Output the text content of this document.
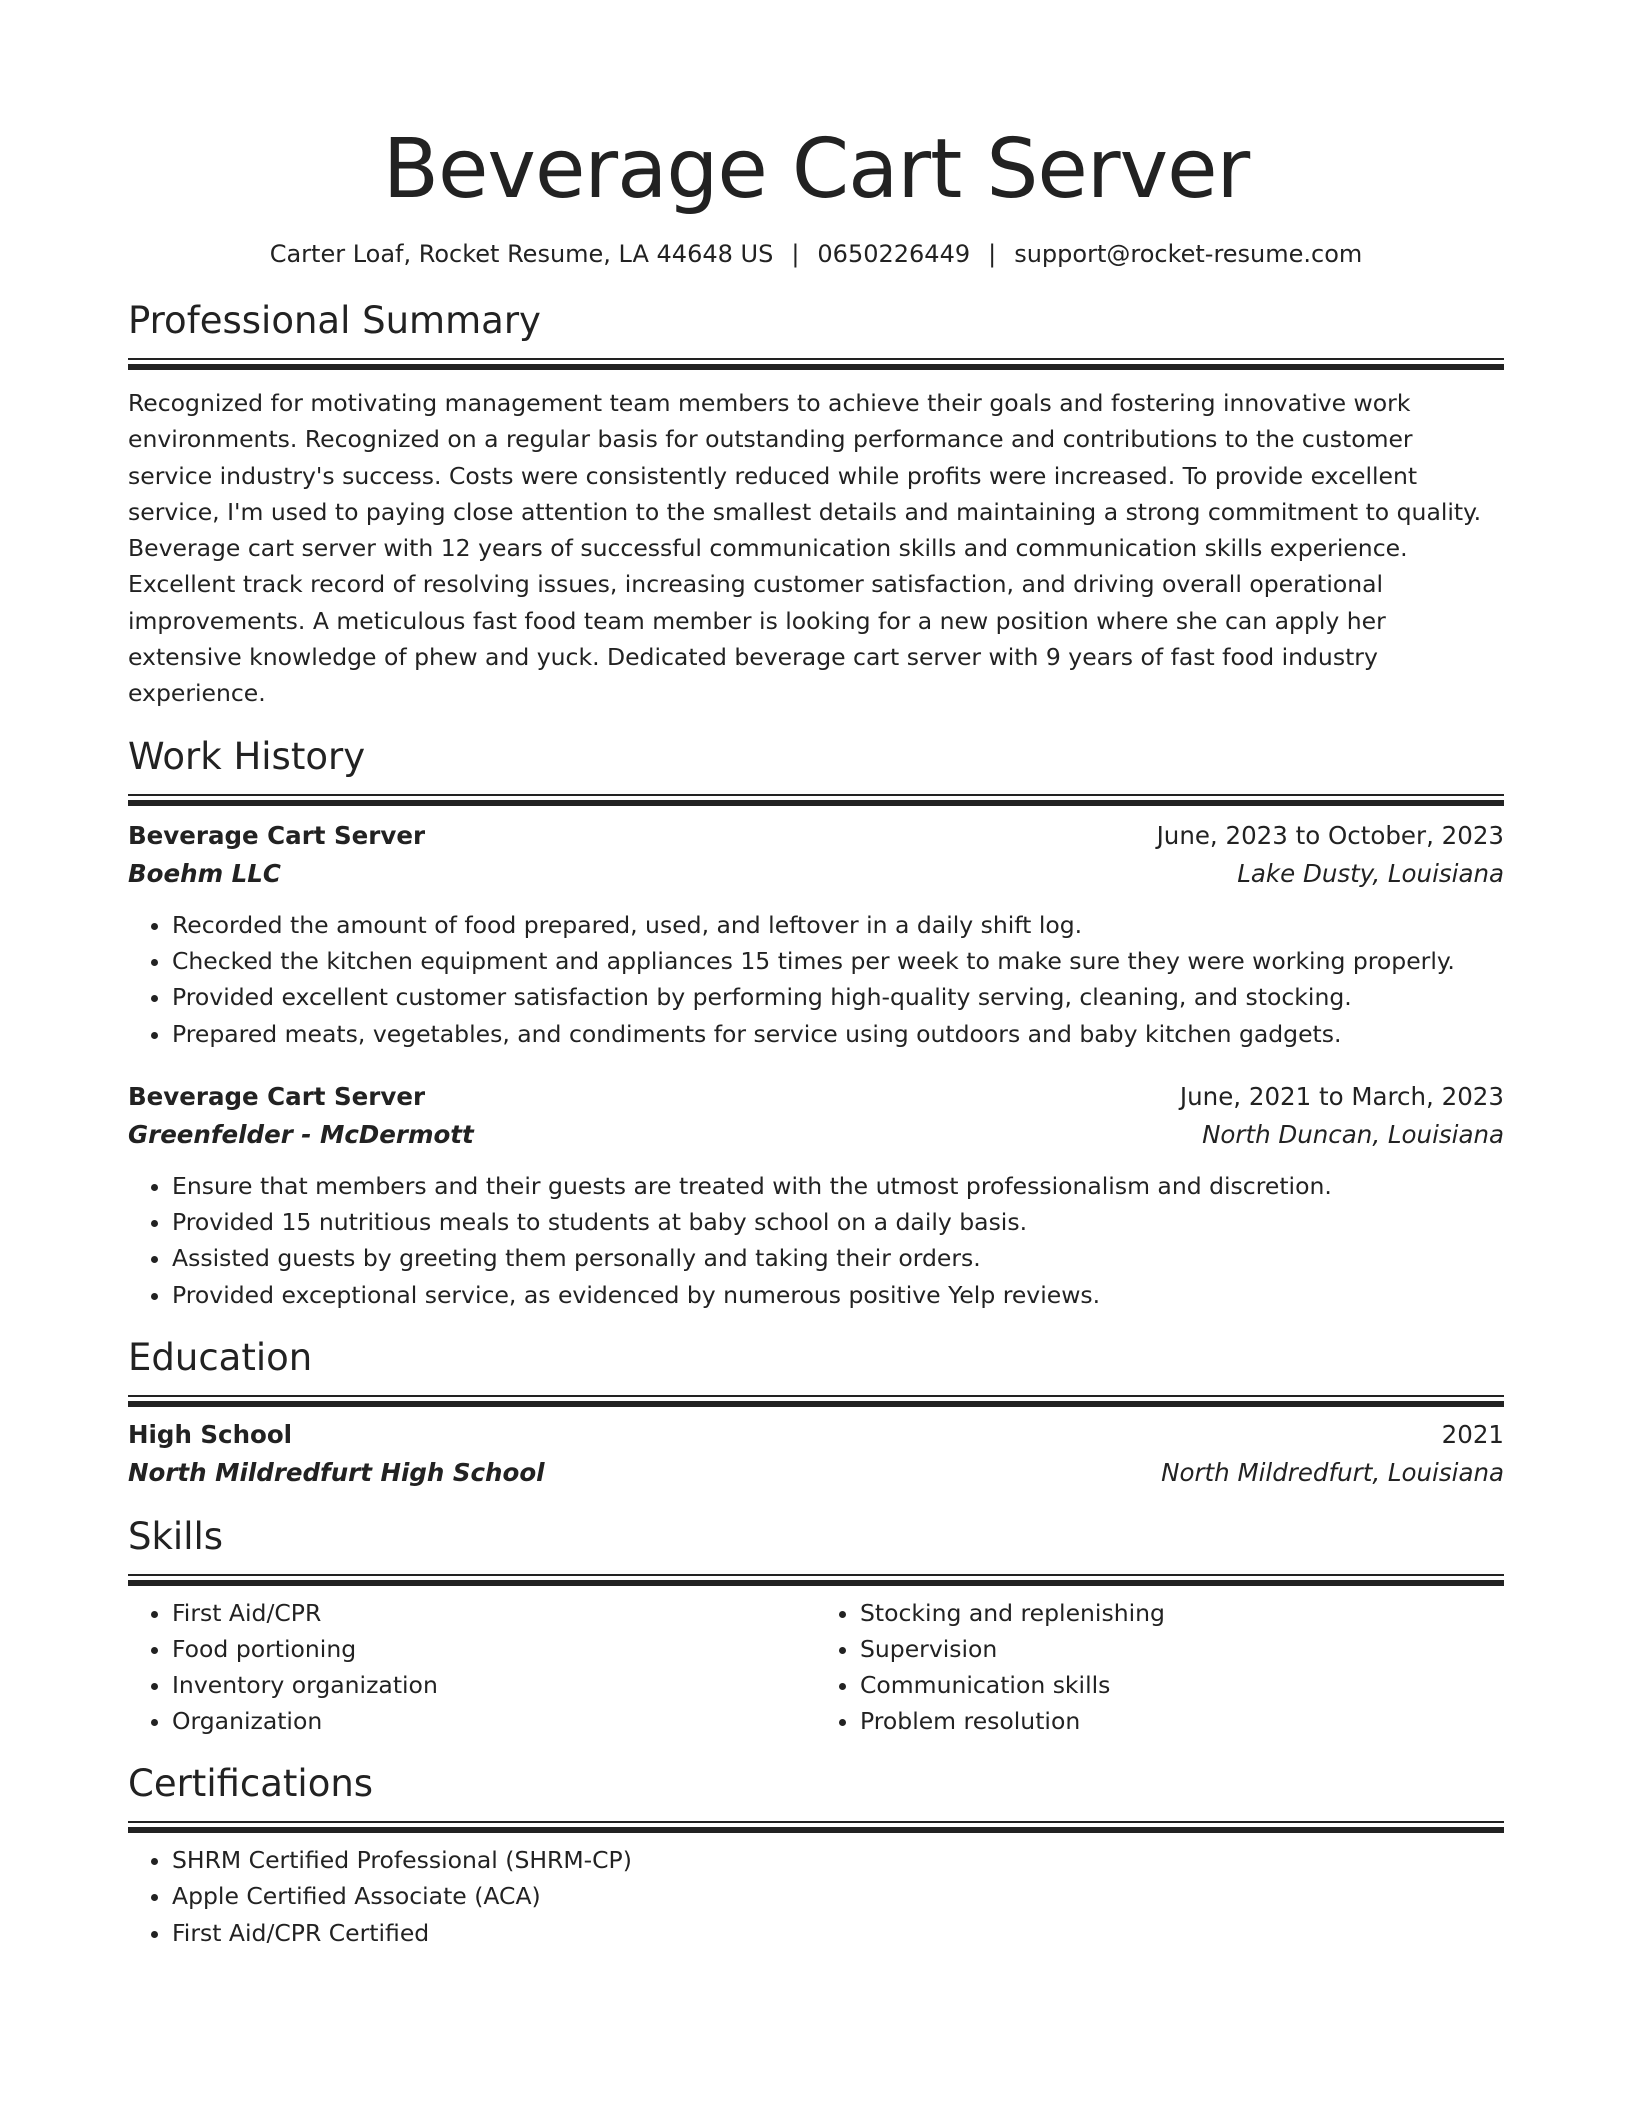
Beverage Cart Server
Carter Loaf, Rocket Resume, LA 44648 US | 0650226449 | support@rocket-resume.com
Professional Summary

Recognized for motivating management team members to achieve their goals and fostering innovative work environments. Recognized on a regular basis for outstanding performance and contributions to the customer service industry's success. Costs were consistently reduced while profits were increased. To provide excellent service, I'm used to paying close attention to the smallest details and maintaining a strong commitment to quality. Beverage cart server with 12 years of successful communication skills and communication skills experience. Excellent track record of resolving issues, increasing customer satisfaction, and driving overall operational improvements. A meticulous fast food team member is looking for a new position where she can apply her extensive knowledge of phew and yuck. Dedicated beverage cart server with 9 years of fast food industry experience.

Work History
Beverage Cart Server	June, 2023 to October, 2023
Boehm LLC	Lake Dusty, Louisiana
• Recorded the amount of food prepared, used, and leftover in a daily shift log.
• Checked the kitchen equipment and appliances 15 times per week to make sure they were working properly.
• Provided excellent customer satisfaction by performing high-quality serving, cleaning, and stocking.
• Prepared meats, vegetables, and condiments for service using outdoors and baby kitchen gadgets.
Beverage Cart Server	June, 2021 to March, 2023
Greenfelder - McDermott	North Duncan, Louisiana
• Ensure that members and their guests are treated with the utmost professionalism and discretion.
• Provided 15 nutritious meals to students at baby school on a daily basis.
• Assisted guests by greeting them personally and taking their orders.
• Provided exceptional service, as evidenced by numerous positive Yelp reviews.
Education
High School	2021
North Mildredfurt High School	North Mildredfurt, Louisiana
Skills
• First Aid/CPR
• Food portioning
• Inventory organization
• Organization
• Stocking and replenishing
• Supervision
• Communication skills
• Problem resolution
Certifications
• SHRM Certified Professional (SHRM-CP)
• Apple Certified Associate (ACA)
• First Aid/CPR Certified
